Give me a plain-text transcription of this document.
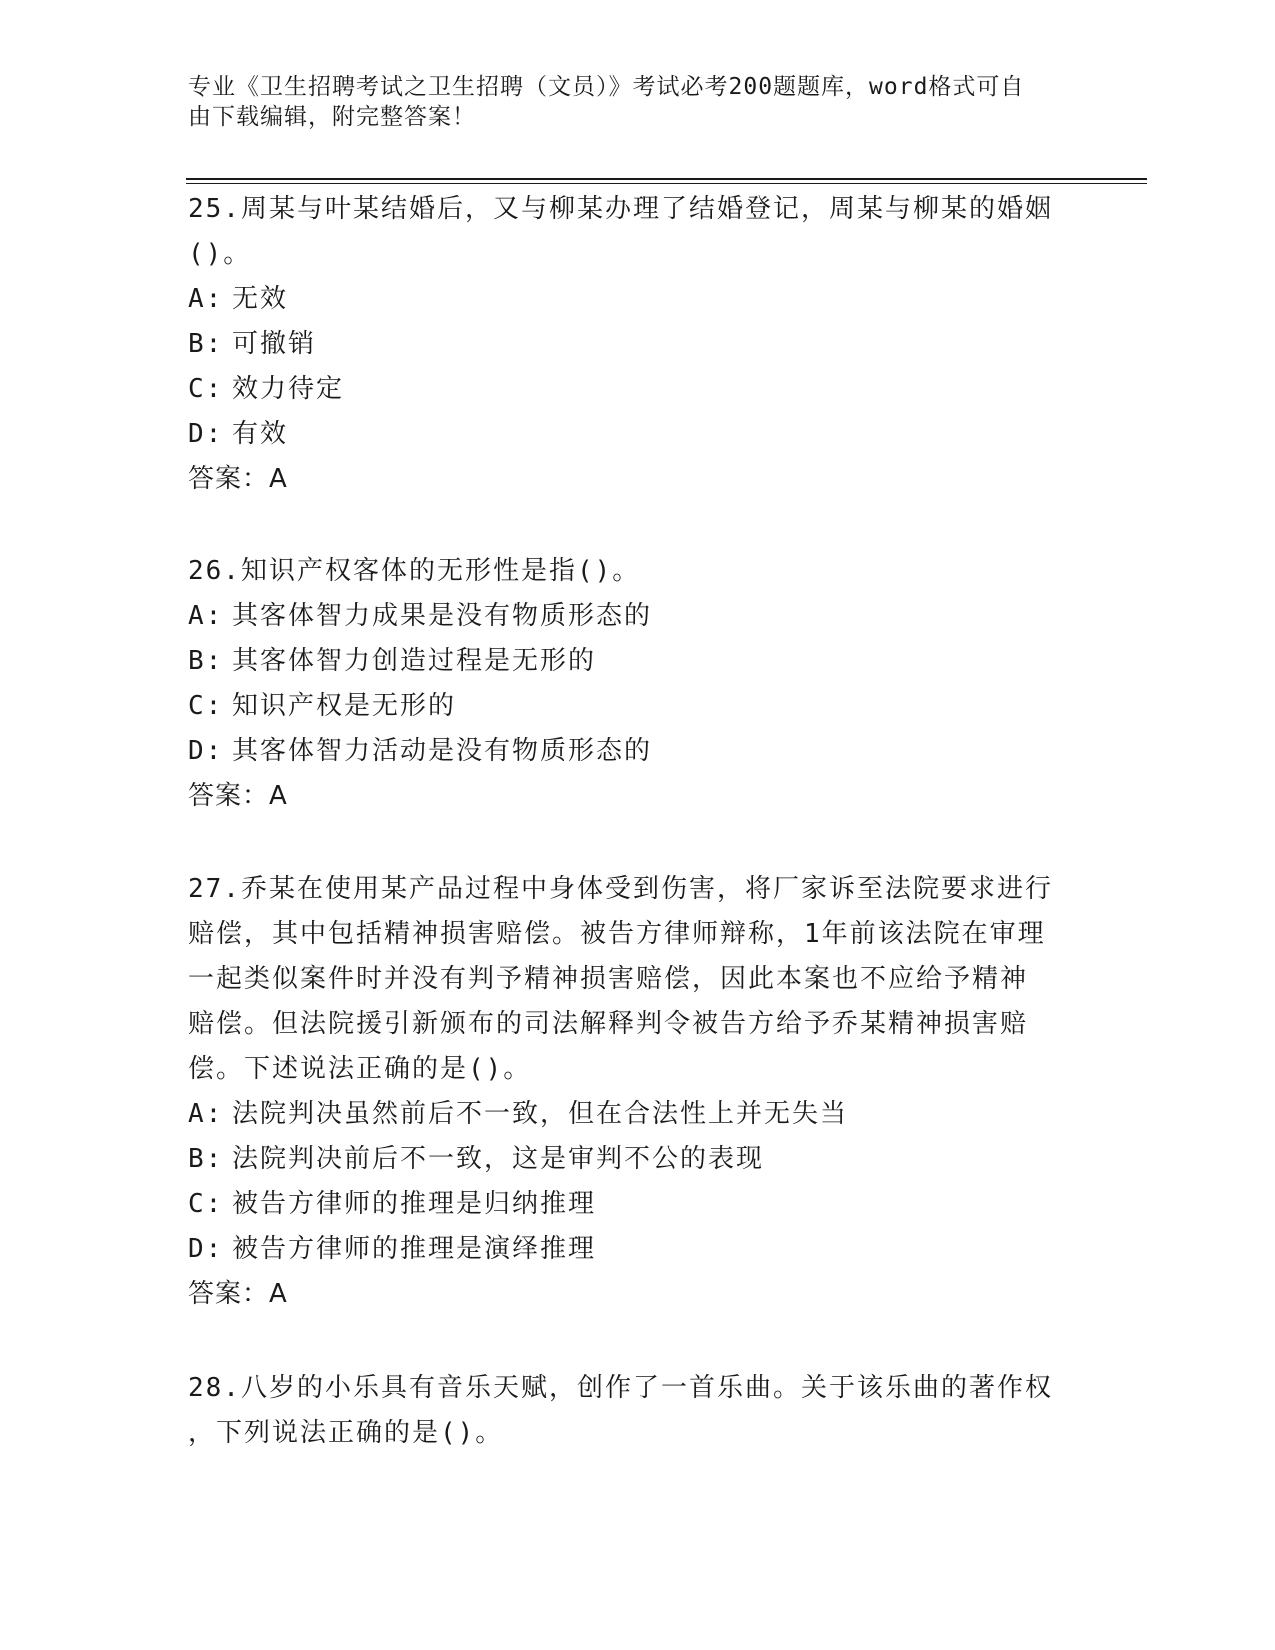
专业《卫生招聘考试之卫生招聘（文员）》考试必考200题题库，word格式可自
由下载编辑，附完整答案！
25.周某与叶某结婚后，又与柳某办理了结婚登记，周某与柳某的婚姻
()。
A: 无效
B: 可撤销
C: 效力待定
D: 有效
答案：A
26.知识产权客体的无形性是指()。
A: 其客体智力成果是没有物质形态的
B: 其客体智力创造过程是无形的
C: 知识产权是无形的
D: 其客体智力活动是没有物质形态的
答案：A
27.乔某在使用某产品过程中身体受到伤害，将厂家诉至法院要求进行
赔偿，其中包括精神损害赔偿。被告方律师辩称，1年前该法院在审理
一起类似案件时并没有判予精神损害赔偿，因此本案也不应给予精神
赔偿。但法院援引新颁布的司法解释判令被告方给予乔某精神损害赔
偿。下述说法正确的是()。
A: 法院判决虽然前后不一致，但在合法性上并无失当
B: 法院判决前后不一致，这是审判不公的表现
C: 被告方律师的推理是归纳推理
D: 被告方律师的推理是演绎推理
答案：A
28.八岁的小乐具有音乐天赋，创作了一首乐曲。关于该乐曲的著作权
，下列说法正确的是()。
